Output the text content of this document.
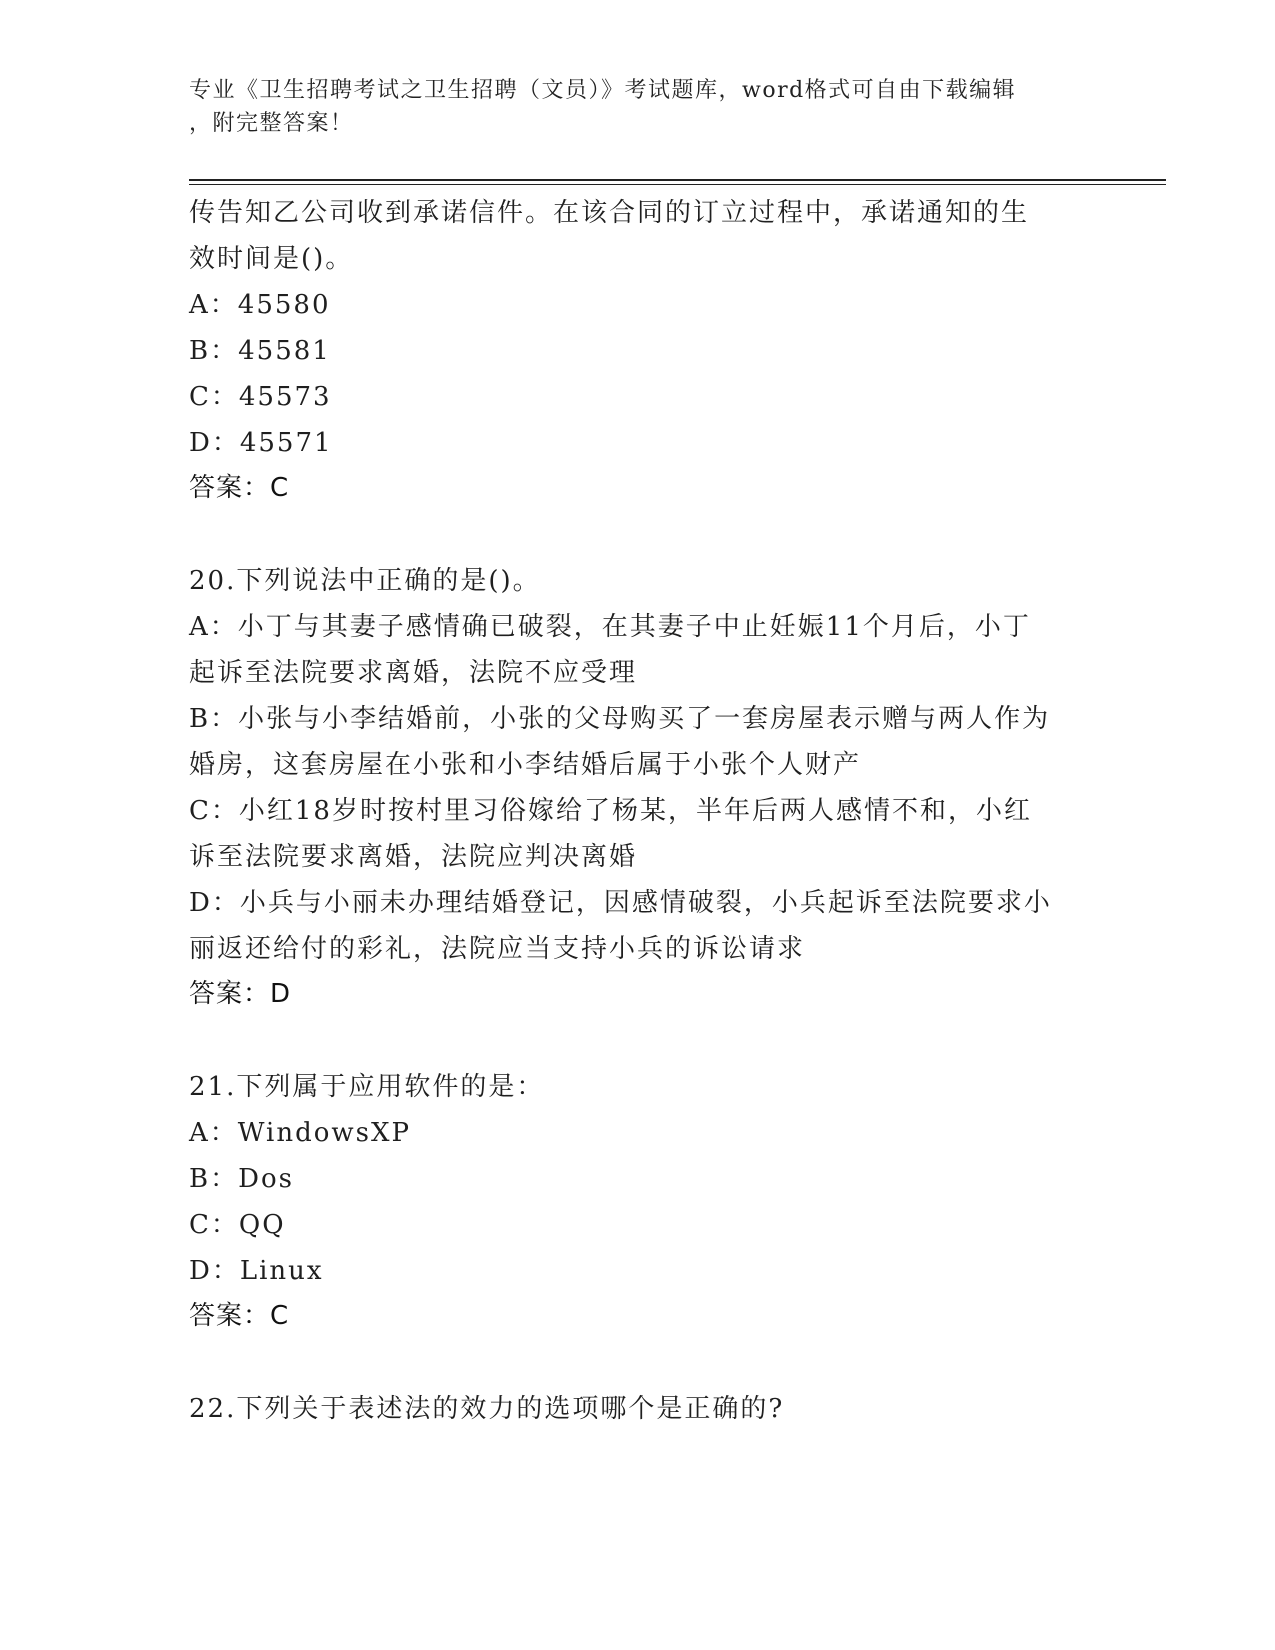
专业《卫生招聘考试之卫生招聘（文员）》考试题库，word格式可自由下载编辑
，附完整答案！
传告知乙公司收到承诺信件。在该合同的订立过程中，承诺通知的生
效时间是()。
A：45580
B：45581
C：45573
D：45571
答案：C
20.下列说法中正确的是()。
A：小丁与其妻子感情确已破裂，在其妻子中止妊娠11个月后，小丁
起诉至法院要求离婚，法院不应受理
B：小张与小李结婚前，小张的父母购买了一套房屋表示赠与两人作为
婚房，这套房屋在小张和小李结婚后属于小张个人财产
C：小红18岁时按村里习俗嫁给了杨某，半年后两人感情不和，小红
诉至法院要求离婚，法院应判决离婚
D：小兵与小丽未办理结婚登记，因感情破裂，小兵起诉至法院要求小
丽返还给付的彩礼，法院应当支持小兵的诉讼请求
答案：D
21.下列属于应用软件的是：
A：WindowsXP
B：Dos
C：QQ
D：Linux
答案：C
22.下列关于表述法的效力的选项哪个是正确的?
